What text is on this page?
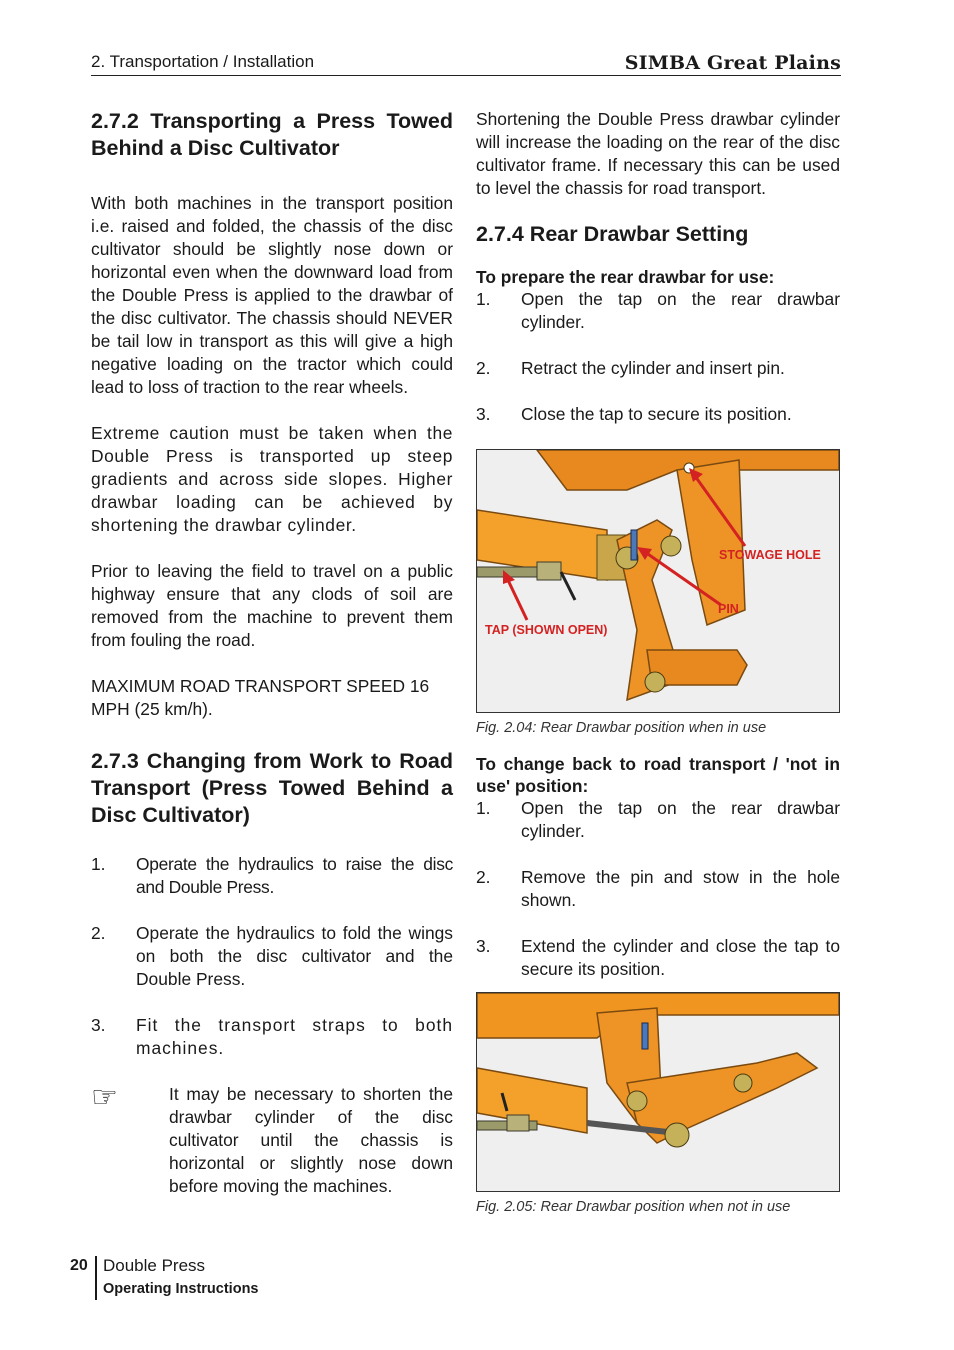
2. Transportation / Installation	SIMBA Great Plains
2.7.2 Transporting a Press Towed Behind a Disc Cultivator

With both machines in the transport position i.e. raised and folded, the chassis of the disc cultivator should be slightly nose down or horizontal even when the downward load from the Double Press is applied to the drawbar of the disc cultivator. The chassis should NEVER be tail low in transport as this will give a high negative loading on the tractor which could lead to loss of traction to the rear wheels.

Extreme caution must be taken when the Double Press is transported up steep gradients and across side slopes. Higher drawbar loading can be achieved by shortening the drawbar cylinder.

Prior to leaving the field to travel on a public highway ensure that any clods of soil are removed from the machine to prevent them from fouling the road.

MAXIMUM ROAD TRANSPORT SPEED 16 MPH (25 km/h).

2.7.3 Changing from Work to Road Transport (Press Towed Behind a Disc Cultivator)
1.	Operate the hydraulics to raise the disc and Double Press.
2.	Operate the hydraulics to fold the wings on both the disc cultivator and the Double Press.
3.	Fit the transport straps to both machines.
☞	It may be necessary to shorten the drawbar cylinder of the disc cultivator until the chassis is horizontal or slightly nose down before moving the machines.

Shortening the Double Press drawbar cylinder will increase the loading on the rear of the disc cultivator frame. If necessary this can be used to level the chassis for road transport.

2.7.4 Rear Drawbar Setting
To prepare the rear drawbar for use:
1.	Open the tap on the rear drawbar cylinder.
2.	Retract the cylinder and insert pin.
3.	Close the tap to secure its position.
STOWAGE HOLE
PIN
TAP (SHOWN OPEN)
Fig. 2.04: Rear Drawbar position when in use
To change back to road transport / 'not in use' position:
1.	Open the tap on the rear drawbar cylinder.
2.	Remove the pin and stow in the hole shown.
3.	Extend the cylinder and close the tap to secure its position.
Fig. 2.05: Rear Drawbar position when not in use
20 Double Press
Operating Instructions
